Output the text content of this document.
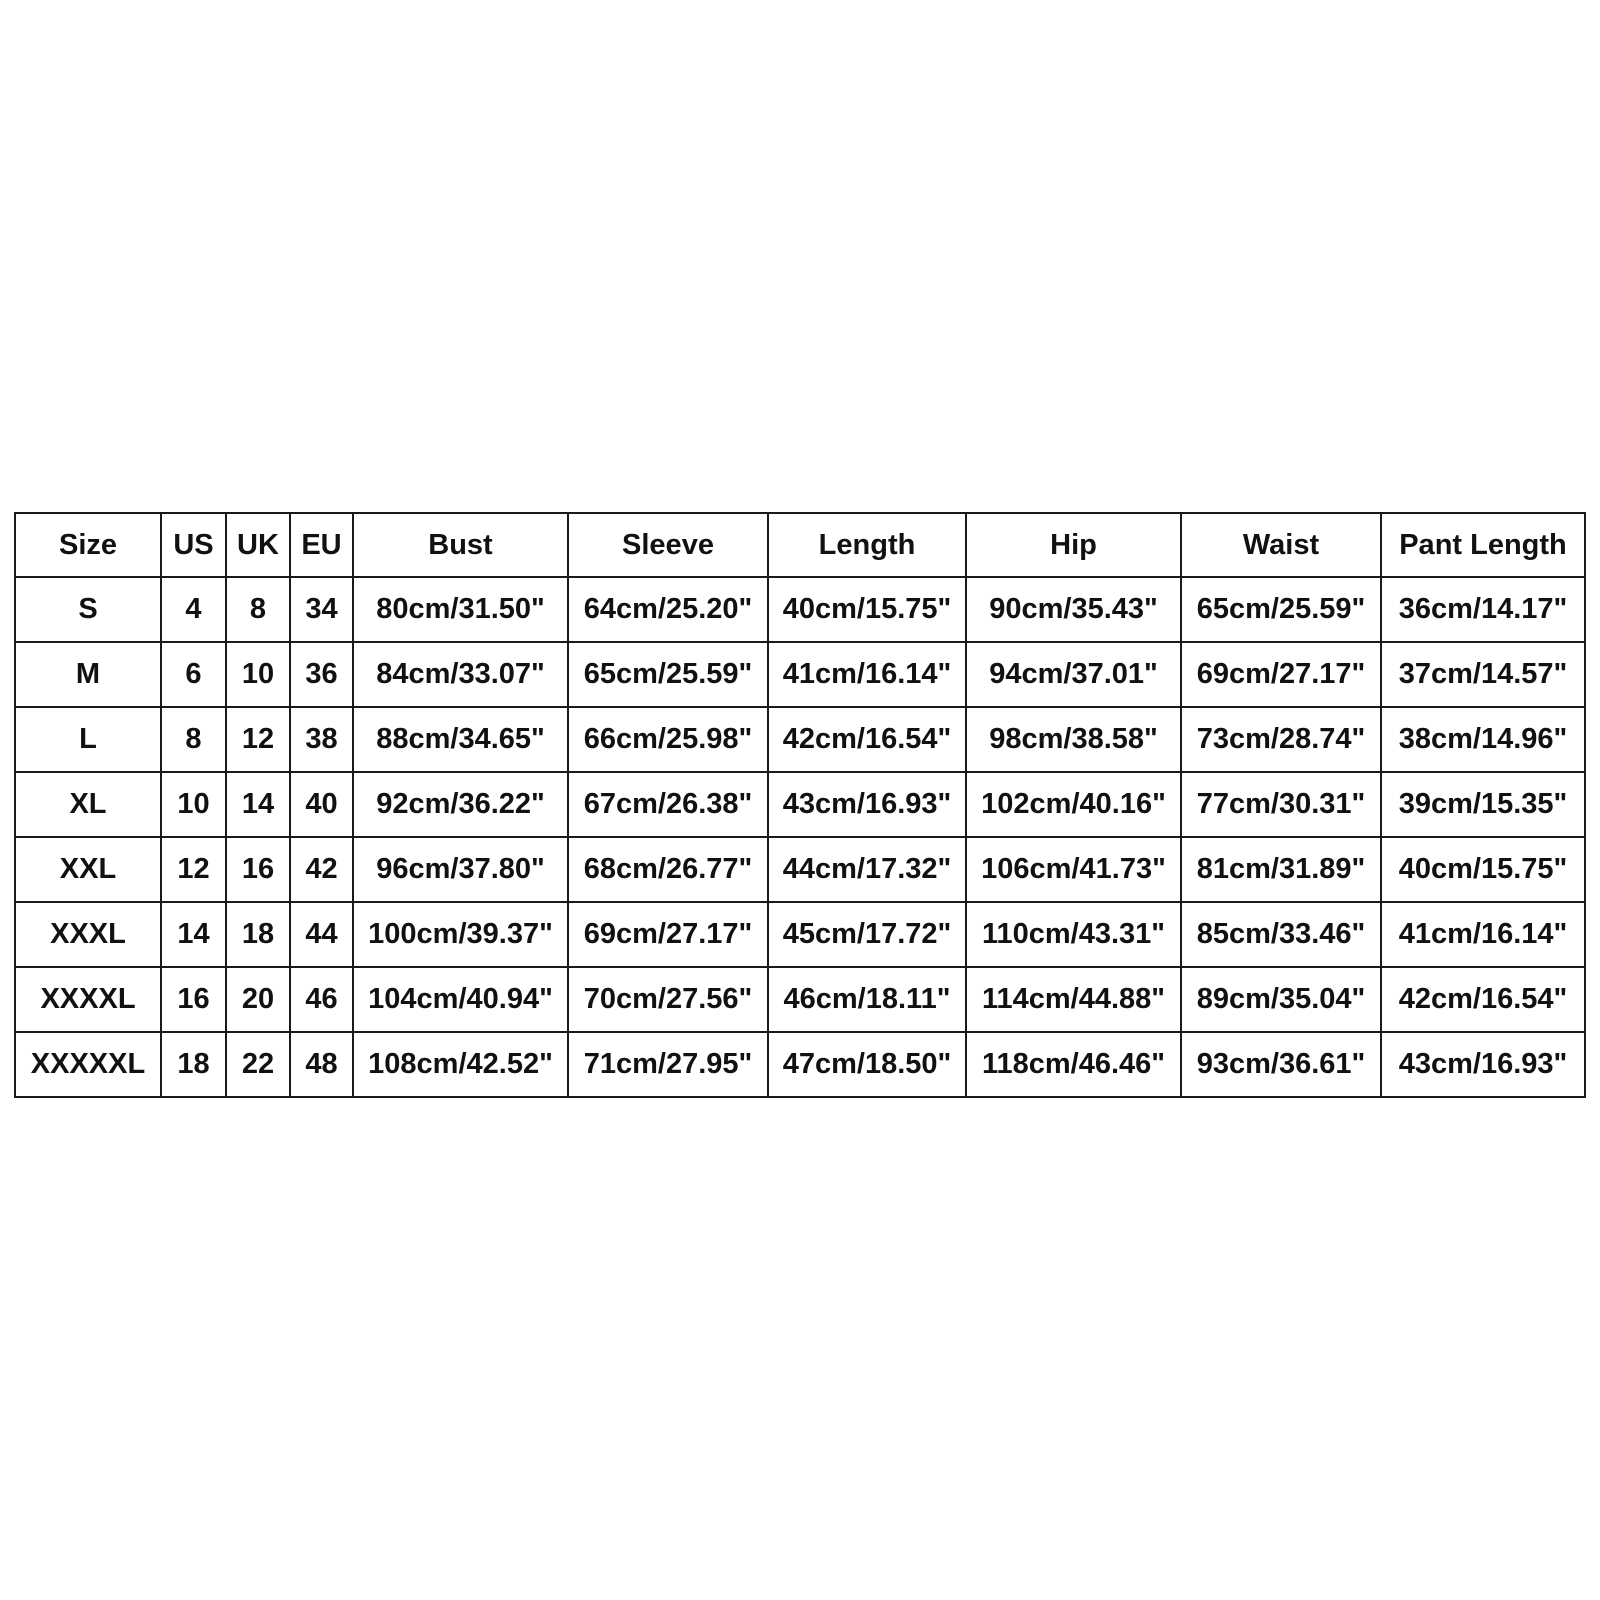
Size	US	UK	EU	Bust	Sleeve	Length	Hip	Waist	Pant Length
S	4	8	34	80cm/31.50"	64cm/25.20"	40cm/15.75"	90cm/35.43"	65cm/25.59"	36cm/14.17"
M	6	10	36	84cm/33.07"	65cm/25.59"	41cm/16.14"	94cm/37.01"	69cm/27.17"	37cm/14.57"
L	8	12	38	88cm/34.65"	66cm/25.98"	42cm/16.54"	98cm/38.58"	73cm/28.74"	38cm/14.96"
XL	10	14	40	92cm/36.22"	67cm/26.38"	43cm/16.93"	102cm/40.16"	77cm/30.31"	39cm/15.35"
XXL	12	16	42	96cm/37.80"	68cm/26.77"	44cm/17.32"	106cm/41.73"	81cm/31.89"	40cm/15.75"
XXXL	14	18	44	100cm/39.37"	69cm/27.17"	45cm/17.72"	110cm/43.31"	85cm/33.46"	41cm/16.14"
XXXXL	16	20	46	104cm/40.94"	70cm/27.56"	46cm/18.11"	114cm/44.88"	89cm/35.04"	42cm/16.54"
XXXXXL	18	22	48	108cm/42.52"	71cm/27.95"	47cm/18.50"	118cm/46.46"	93cm/36.61"	43cm/16.93"
